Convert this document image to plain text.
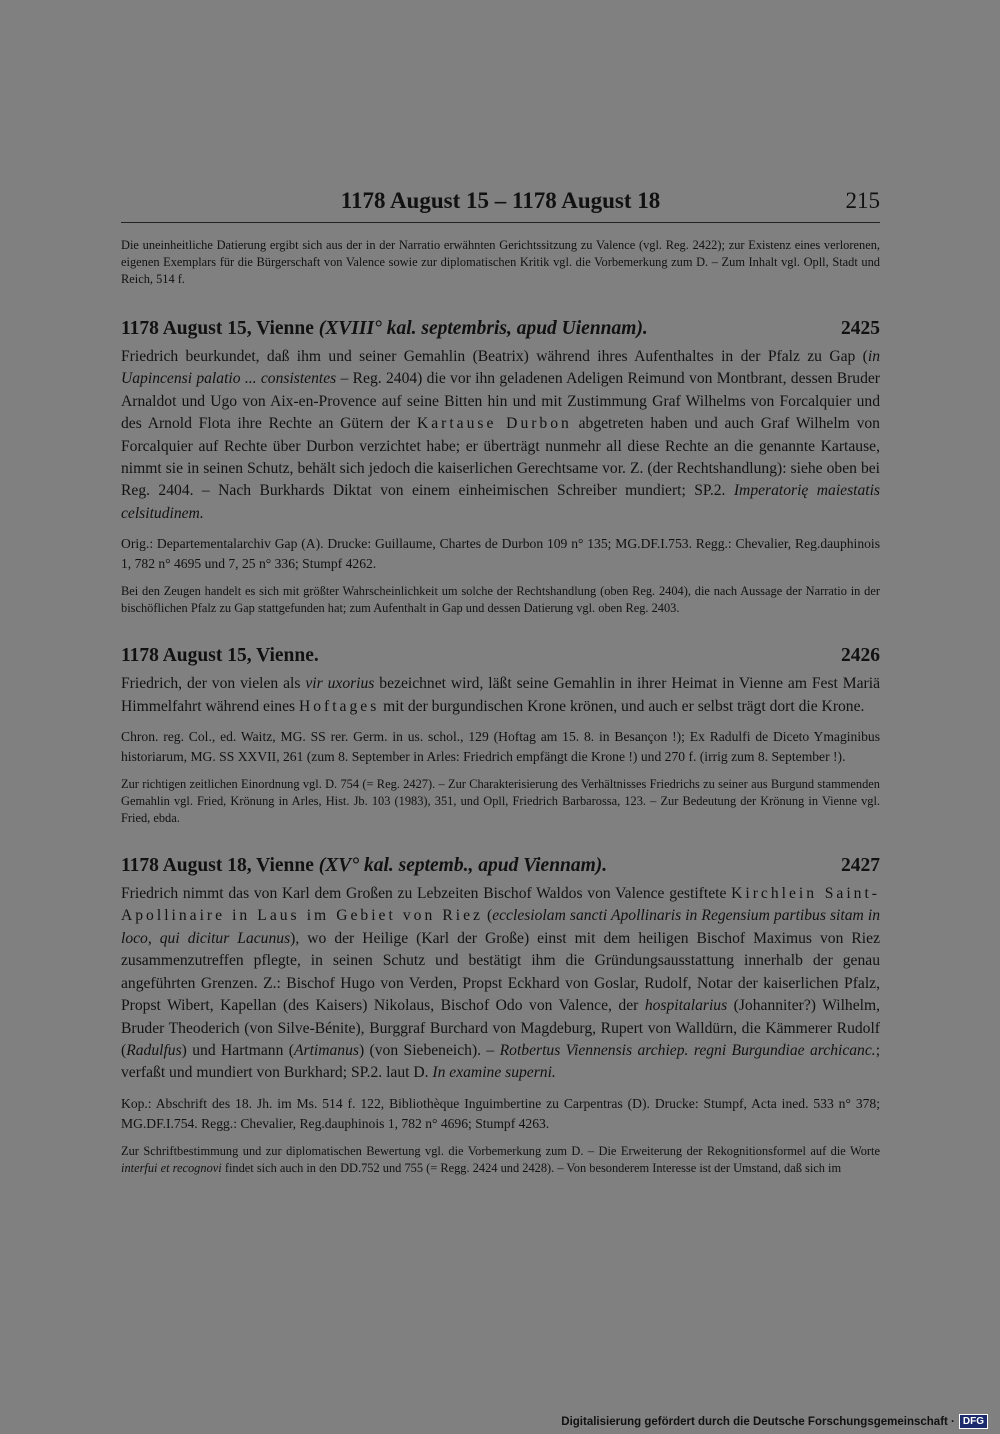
1178 August 15 – 1178 August 18	215

Die uneinheitliche Datierung ergibt sich aus der in der Narratio erwähnten Gerichtssitzung zu Valence (vgl. Reg. 2422); zur Existenz eines verlorenen, eigenen Exemplars für die Bürgerschaft von Valence sowie zur diplomatischen Kritik vgl. die Vorbemerkung zum D. – Zum Inhalt vgl. Opll, Stadt und Reich, 514 f.

1178 August 15, Vienne (XVIII° kal. septembris, apud Uiennam).	2425

Friedrich beurkundet, daß ihm und seiner Gemahlin (Beatrix) während ihres Aufenthaltes in der Pfalz zu Gap (in Uapincensi palatio ... consistentes – Reg. 2404) die vor ihn geladenen Adeligen Reimund von Montbrant, dessen Bruder Arnaldot und Ugo von Aix-en-Provence auf seine Bitten hin und mit Zustimmung Graf Wilhelms von Forcalquier und des Arnold Flota ihre Rechte an Gütern der Kartause Durbon abgetreten haben und auch Graf Wilhelm von Forcalquier auf Rechte über Durbon verzichtet habe; er überträgt nunmehr all diese Rechte an die genannte Kartause, nimmt sie in seinen Schutz, behält sich jedoch die kaiserlichen Gerechtsame vor. Z. (der Rechtshandlung): siehe oben bei Reg. 2404. – Nach Burkhards Diktat von einem einheimischen Schreiber mundiert; SP.2. Imperatorię maiestatis celsitudinem.

Orig.: Departementalarchiv Gap (A). Drucke: Guillaume, Chartes de Durbon 109 n° 135; MG.DF.I.753. Regg.: Chevalier, Reg.dauphinois 1, 782 n° 4695 und 7, 25 n° 336; Stumpf 4262.

Bei den Zeugen handelt es sich mit größter Wahrscheinlichkeit um solche der Rechtshandlung (oben Reg. 2404), die nach Aussage der Narratio in der bischöflichen Pfalz zu Gap stattgefunden hat; zum Aufenthalt in Gap und dessen Datierung vgl. oben Reg. 2403.

1178 August 15, Vienne.	2426

Friedrich, der von vielen als vir uxorius bezeichnet wird, läßt seine Gemahlin in ihrer Heimat in Vienne am Fest Mariä Himmelfahrt während eines Hoftages mit der burgundischen Krone krönen, und auch er selbst trägt dort die Krone.

Chron. reg. Col., ed. Waitz, MG. SS rer. Germ. in us. schol., 129 (Hoftag am 15. 8. in Besançon !); Ex Radulfi de Diceto Ymaginibus historiarum, MG. SS XXVII, 261 (zum 8. September in Arles: Friedrich empfängt die Krone !) und 270 f. (irrig zum 8. September !).

Zur richtigen zeitlichen Einordnung vgl. D. 754 (= Reg. 2427). – Zur Charakterisierung des Verhältnisses Friedrichs zu seiner aus Burgund stammenden Gemahlin vgl. Fried, Krönung in Arles, Hist. Jb. 103 (1983), 351, und Opll, Friedrich Barbarossa, 123. – Zur Bedeutung der Krönung in Vienne vgl. Fried, ebda.

1178 August 18, Vienne (XV° kal. septemb., apud Viennam).	2427

Friedrich nimmt das von Karl dem Großen zu Lebzeiten Bischof Waldos von Valence gestiftete Kirchlein Saint-Apollinaire in Laus im Gebiet von Riez (ecclesiolam sancti Apollinaris in Regensium partibus sitam in loco, qui dicitur Lacunus), wo der Heilige (Karl der Große) einst mit dem heiligen Bischof Maximus von Riez zusammenzutreffen pflegte, in seinen Schutz und bestätigt ihm die Gründungsausstattung innerhalb der genau angeführten Grenzen. Z.: Bischof Hugo von Verden, Propst Eckhard von Goslar, Rudolf, Notar der kaiserlichen Pfalz, Propst Wibert, Kapellan (des Kaisers) Nikolaus, Bischof Odo von Valence, der hospitalarius (Johanniter?) Wilhelm, Bruder Theoderich (von Silve-Bénite), Burggraf Burchard von Magdeburg, Rupert von Walldürn, die Kämmerer Rudolf (Radulfus) und Hartmann (Artimanus) (von Siebeneich). – Rotbertus Viennensis archiep. regni Burgundiae archicanc.; verfaßt und mundiert von Burkhard; SP.2. laut D. In examine superni.

Kop.: Abschrift des 18. Jh. im Ms. 514 f. 122, Bibliothèque Inguimbertine zu Carpentras (D). Drucke: Stumpf, Acta ined. 533 n° 378; MG.DF.I.754. Regg.: Chevalier, Reg.dauphinois 1, 782 n° 4696; Stumpf 4263.

Zur Schriftbestimmung und zur diplomatischen Bewertung vgl. die Vorbemerkung zum D. – Die Erweiterung der Rekognitionsformel auf die Worte interfui et recognovi findet sich auch in den DD.752 und 755 (= Regg. 2424 und 2428). – Von besonderem Interesse ist der Umstand, daß sich im

Digitalisierung gefördert durch die Deutsche Forschungsgemeinschaft · DFG
